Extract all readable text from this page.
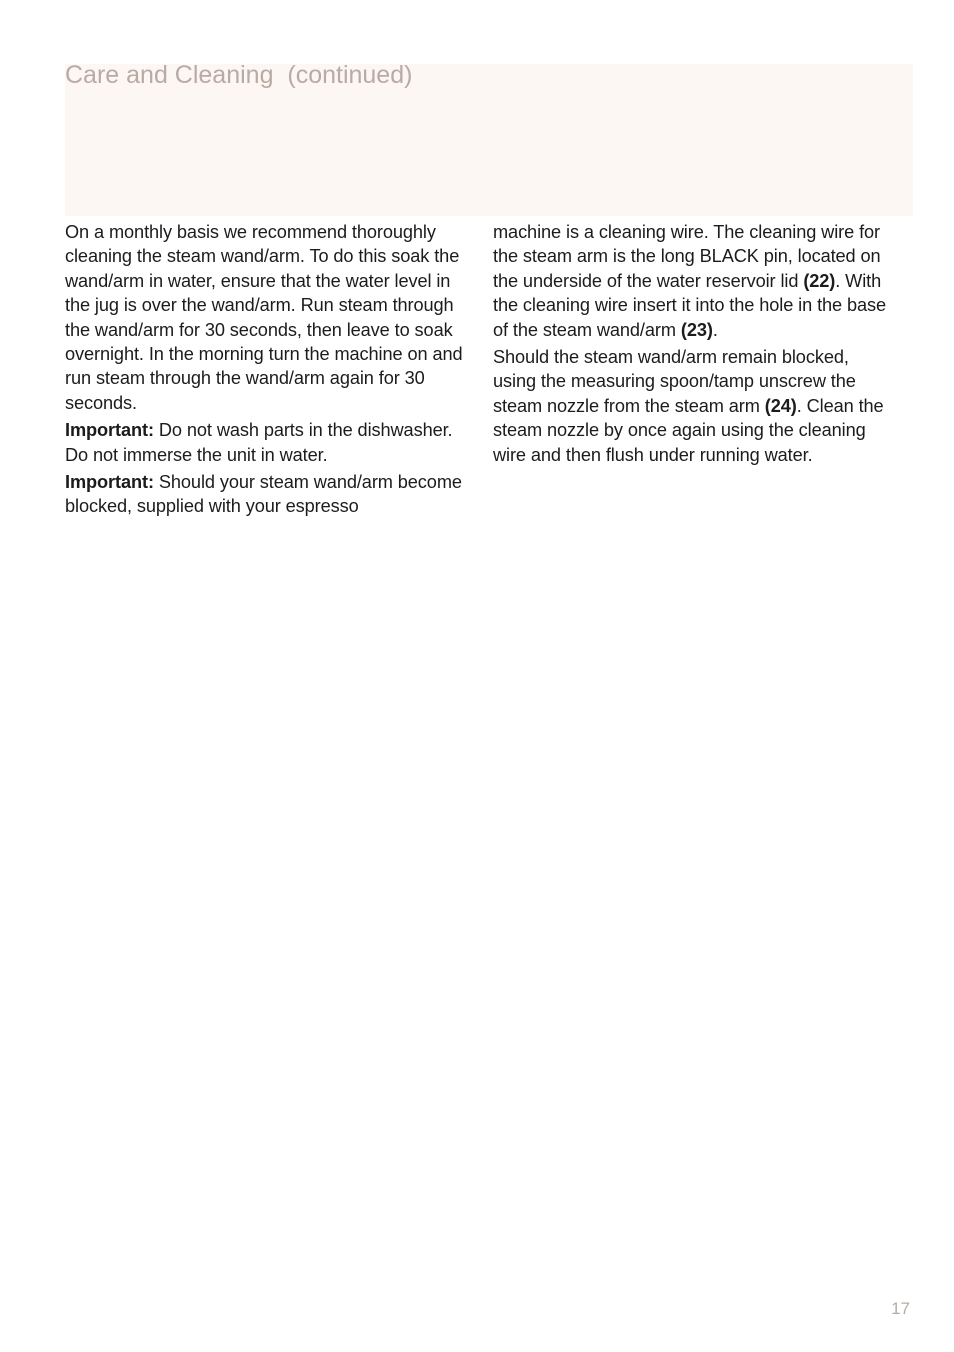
Care and Cleaning  (continued)

On a monthly basis we recommend thoroughly cleaning the steam wand/arm. To do this soak the wand/arm in water, ensure that the water level in the jug is over the wand/arm. Run steam through the wand/arm for 30 seconds, then leave to soak overnight. In the morning turn the machine on and run steam through the wand/arm again for 30 seconds.

Important: Do not wash parts in the dishwasher. Do not immerse the unit in water.

Important: Should your steam wand/arm become blocked, supplied with your espresso

machine is a cleaning wire. The cleaning wire for the steam arm is the long BLACK pin, located on the underside of the water reservoir lid (22). With the cleaning wire insert it into the hole in the base of the steam wand/arm (23).

Should the steam wand/arm remain blocked, using the measuring spoon/tamp unscrew the steam nozzle from the steam arm (24). Clean the steam nozzle by once again using the cleaning wire and then flush under running water.

17
